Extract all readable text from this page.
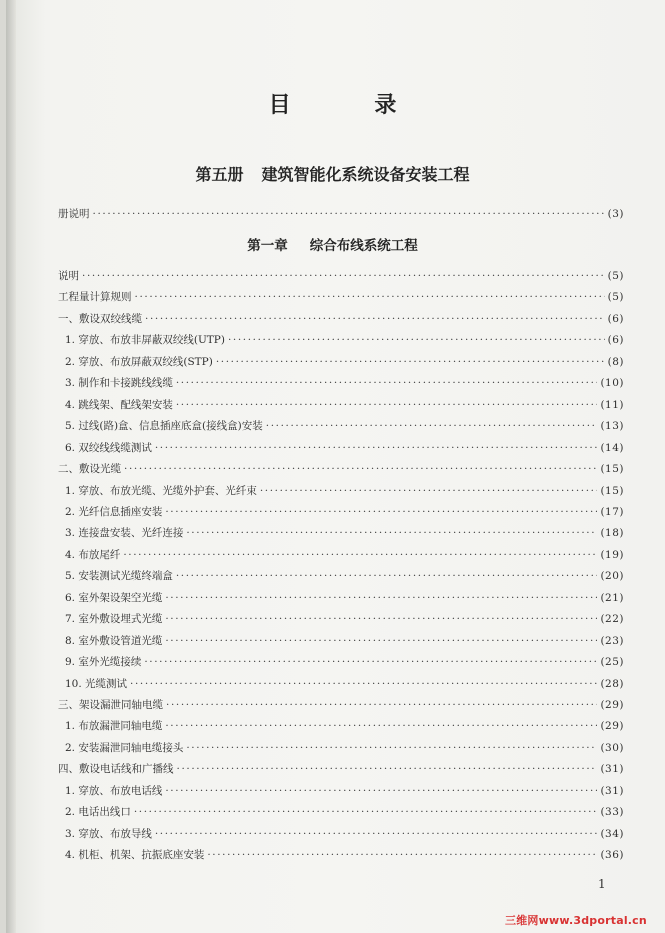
目 录
第五册 建筑智能化系统设备安装工程
册说明 ·····	(3)
第一章 综合布线系统工程
说明 ·····	(5)
工程量计算规则 ·····	(5)
一、敷设双绞线缆 ·····	(6)
1. 穿放、布放非屏蔽双绞线(UTP) ·····	(6)
2. 穿放、布放屏蔽双绞线(STP) ·····	(8)
3. 制作和卡接跳线线缆 ·····	(10)
4. 跳线架、配线架安装 ·····	(11)
5. 过线(路)盒、信息插座底盒(接线盒)安装 ·····	(13)
6. 双绞线线缆测试 ·····	(14)
二、敷设光缆 ·····	(15)
1. 穿放、布放光缆、光缆外护套、光纤束 ·····	(15)
2. 光纤信息插座安装 ·····	(17)
3. 连接盘安装、光纤连接 ·····	(18)
4. 布放尾纤 ·····	(19)
5. 安装测试光缆终端盒 ·····	(20)
6. 室外架设架空光缆 ·····	(21)
7. 室外敷设埋式光缆 ·····	(22)
8. 室外敷设管道光缆 ·····	(23)
9. 室外光缆接续 ·····	(25)
10. 光缆测试 ·····	(28)
三、架设漏泄同轴电缆 ·····	(29)
1. 布放漏泄同轴电缆 ·····	(29)
2. 安装漏泄同轴电缆接头 ·····	(30)
四、敷设电话线和广播线 ·····	(31)
1. 穿放、布放电话线 ·····	(31)
2. 电话出线口 ·····	(33)
3. 穿放、布放导线 ·····	(34)
4. 机柜、机架、抗振底座安装 ·····	(36)
1
三维网www.3dportal.cn
